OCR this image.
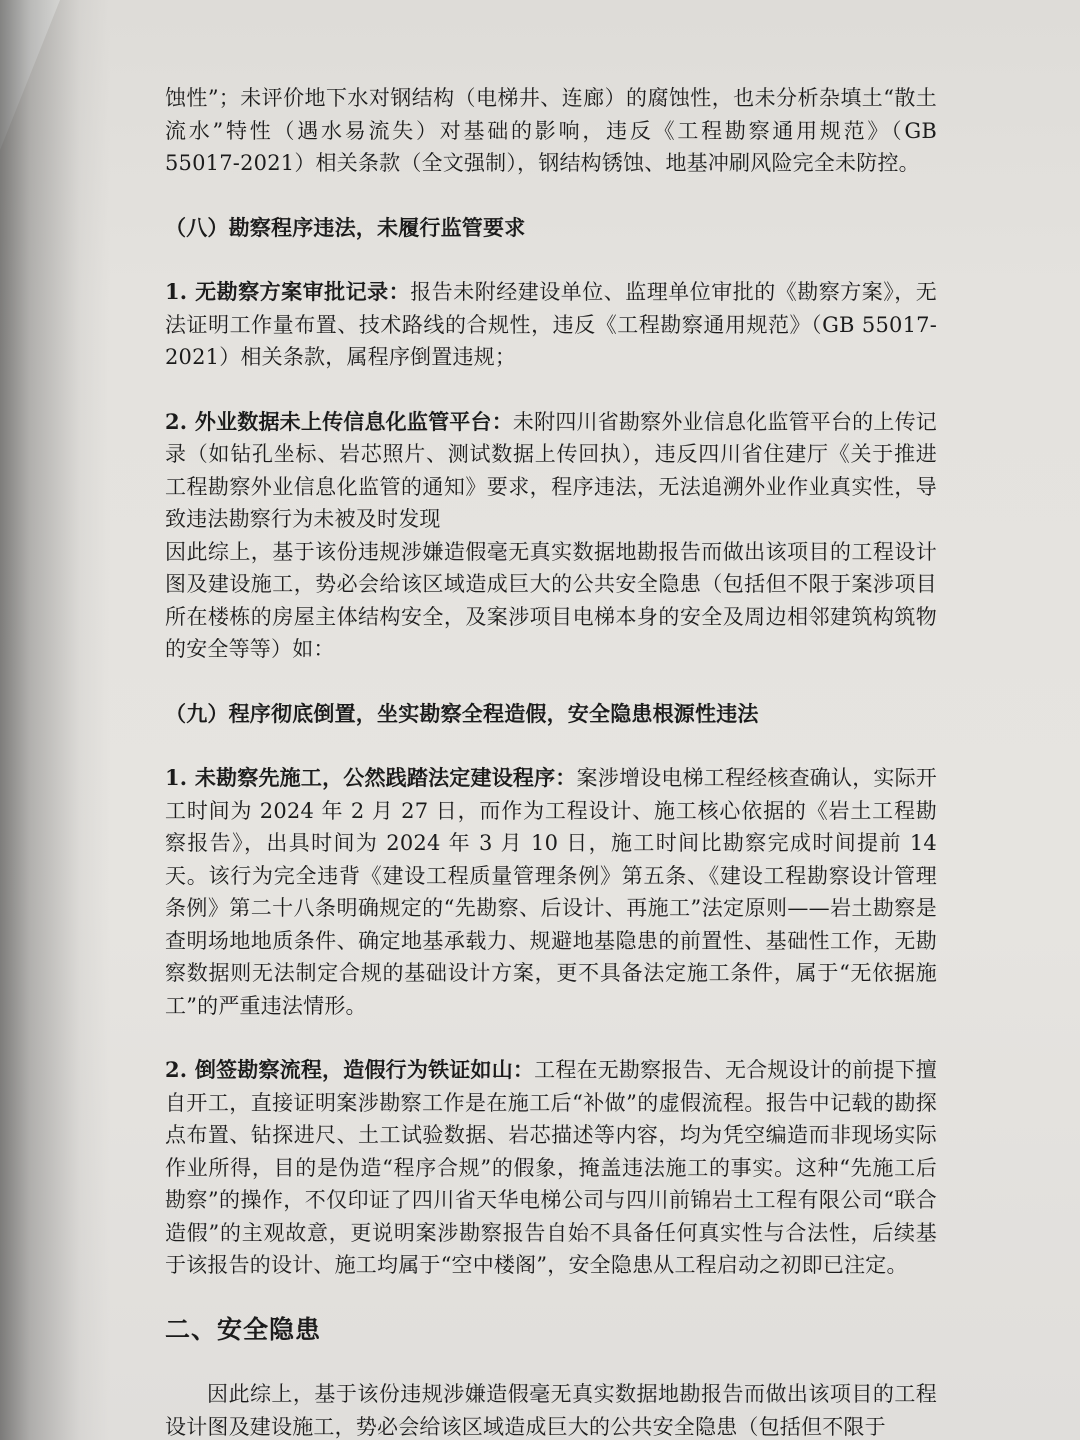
蚀性”；未评价地下水对钢结构（电梯井、连廊）的腐蚀性，也未分析杂填土“散土流水”特性（遇水易流失）对基础的影响，违反《工程勘察通用规范》（GB 55017-2021）相关条款（全文强制），钢结构锈蚀、地基冲刷风险完全未防控。

（八）勘察程序违法，未履行监管要求

1. 无勘察方案审批记录：报告未附经建设单位、监理单位审批的《勘察方案》，无法证明工作量布置、技术路线的合规性，违反《工程勘察通用规范》（GB 55017-2021）相关条款，属程序倒置违规；

2. 外业数据未上传信息化监管平台：未附四川省勘察外业信息化监管平台的上传记录（如钻孔坐标、岩芯照片、测试数据上传回执），违反四川省住建厅《关于推进工程勘察外业信息化监管的通知》要求，程序违法，无法追溯外业作业真实性，导致违法勘察行为未被及时发现

因此综上，基于该份违规涉嫌造假毫无真实数据地勘报告而做出该项目的工程设计图及建设施工，势必会给该区域造成巨大的公共安全隐患（包括但不限于案涉项目所在楼栋的房屋主体结构安全，及案涉项目电梯本身的安全及周边相邻建筑构筑物的安全等等）如：

（九）程序彻底倒置，坐实勘察全程造假，安全隐患根源性违法

1. 未勘察先施工，公然践踏法定建设程序：案涉增设电梯工程经核查确认，实际开工时间为 2024 年 2 月 27 日，而作为工程设计、施工核心依据的《岩土工程勘察报告》，出具时间为 2024 年 3 月 10 日，施工时间比勘察完成时间提前 14 天。该行为完全违背《建设工程质量管理条例》第五条、《建设工程勘察设计管理条例》第二十八条明确规定的“先勘察、后设计、再施工”法定原则——岩土勘察是查明场地地质条件、确定地基承载力、规避地基隐患的前置性、基础性工作，无勘察数据则无法制定合规的基础设计方案，更不具备法定施工条件，属于“无依据施工”的严重违法情形。

2. 倒签勘察流程，造假行为铁证如山：工程在无勘察报告、无合规设计的前提下擅自开工，直接证明案涉勘察工作是在施工后“补做”的虚假流程。报告中记载的勘探点布置、钻探进尺、土工试验数据、岩芯描述等内容，均为凭空编造而非现场实际作业所得，目的是伪造“程序合规”的假象，掩盖违法施工的事实。这种“先施工后勘察”的操作，不仅印证了四川省天华电梯公司与四川前锦岩土工程有限公司“联合造假”的主观故意，更说明案涉勘察报告自始不具备任何真实性与合法性，后续基于该报告的设计、施工均属于“空中楼阁”，安全隐患从工程启动之初即已注定。

二、安全隐患

因此综上，基于该份违规涉嫌造假毫无真实数据地勘报告而做出该项目的工程设计图及建设施工，势必会给该区域造成巨大的公共安全隐患（包括但不限于
